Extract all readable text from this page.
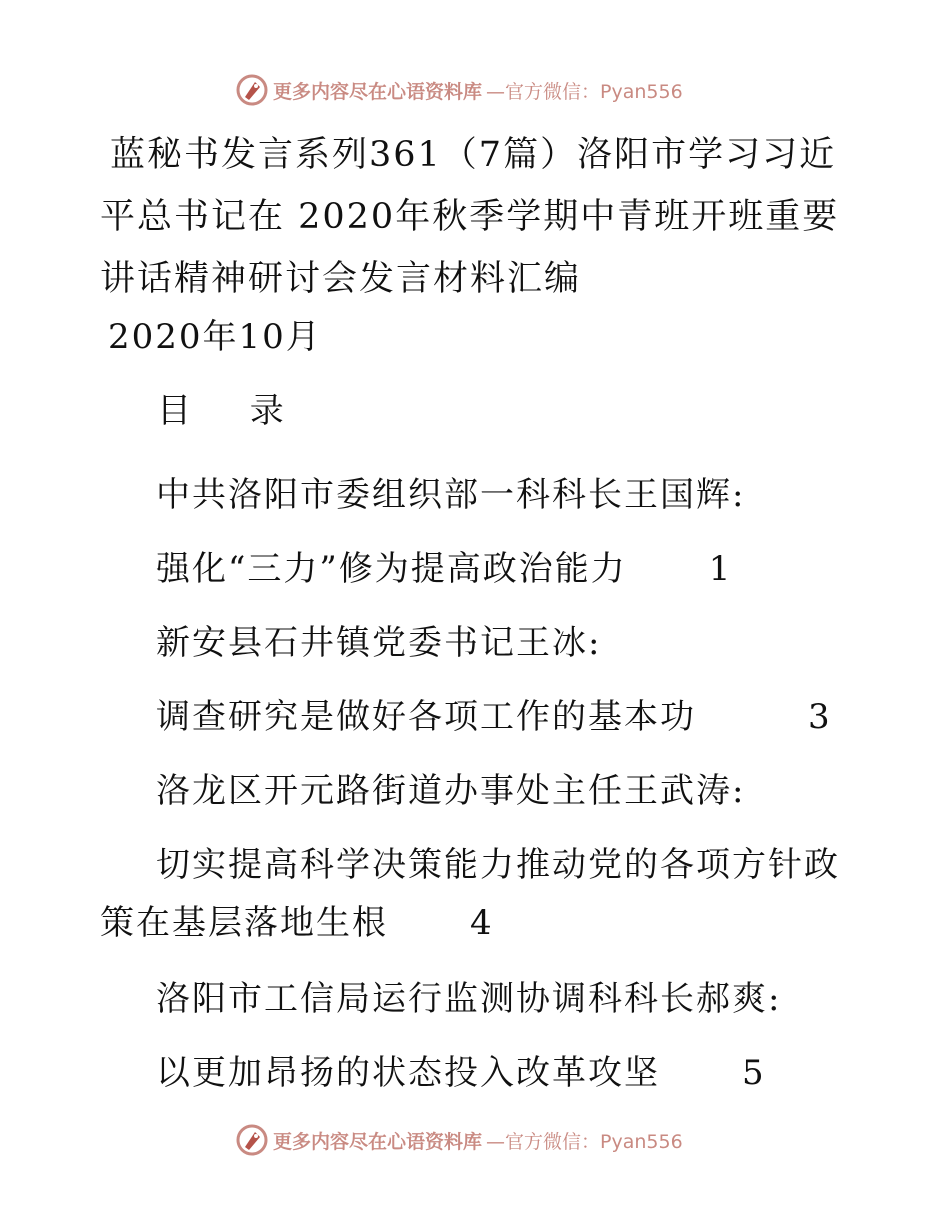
更多内容尽在心语资料库 —官方微信：Pyan556
蓝秘书发言系列361（7篇）洛阳市学习习近平总书记在 2020年秋季学期中青班开班重要讲话精神研讨会发言材料汇编
2020年10月
目 录
中共洛阳市委组织部一科科长王国辉:
强化“三力”修为提高政治能力 1
新安县石井镇党委书记王冰:
调查研究是做好各项工作的基本功	3
洛龙区开元路街道办事处主任王武涛:
切实提高科学决策能力推动党的各项方针政策在基层落地生根 4
洛阳市工信局运行监测协调科科长郝爽:
以更加昂扬的状态投入改革攻坚 5
更多内容尽在心语资料库 —官方微信：Pyan556
